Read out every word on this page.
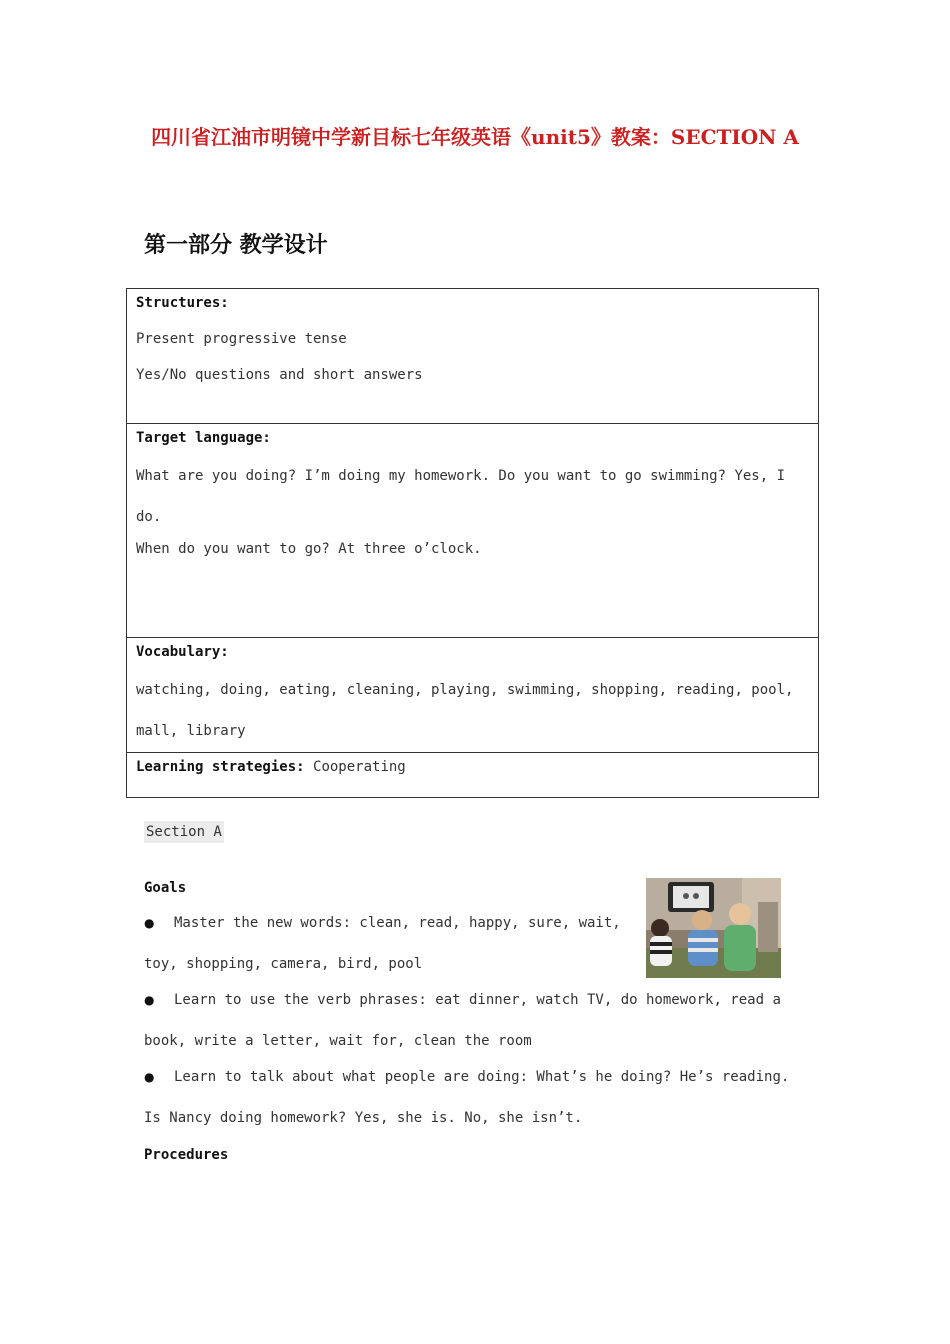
四川省江油市明镜中学新目标七年级英语《unit5》教案：SECTION A
第一部分 教学设计
Structures:
Present progressive tense
Yes/No questions and short answers

Target language:
What are you doing? I’m doing my homework. Do you want to go swimming? Yes, I do.
When do you want to go? At three o’clock.

Vocabulary:
watching, doing, eating, cleaning, playing, swimming, shopping, reading, pool, mall, library

Learning strategies: Cooperating
Section A
Goals

● Master the new words: clean, read, happy, sure, wait, toy, shopping, camera, bird, pool

● Learn to use the verb phrases: eat dinner, watch TV, do homework, read a book, write a letter, wait for, clean the room

● Learn to talk about what people are doing: What’s he doing? He’s reading. Is Nancy doing homework? Yes, she is. No, she isn’t.

Procedures
